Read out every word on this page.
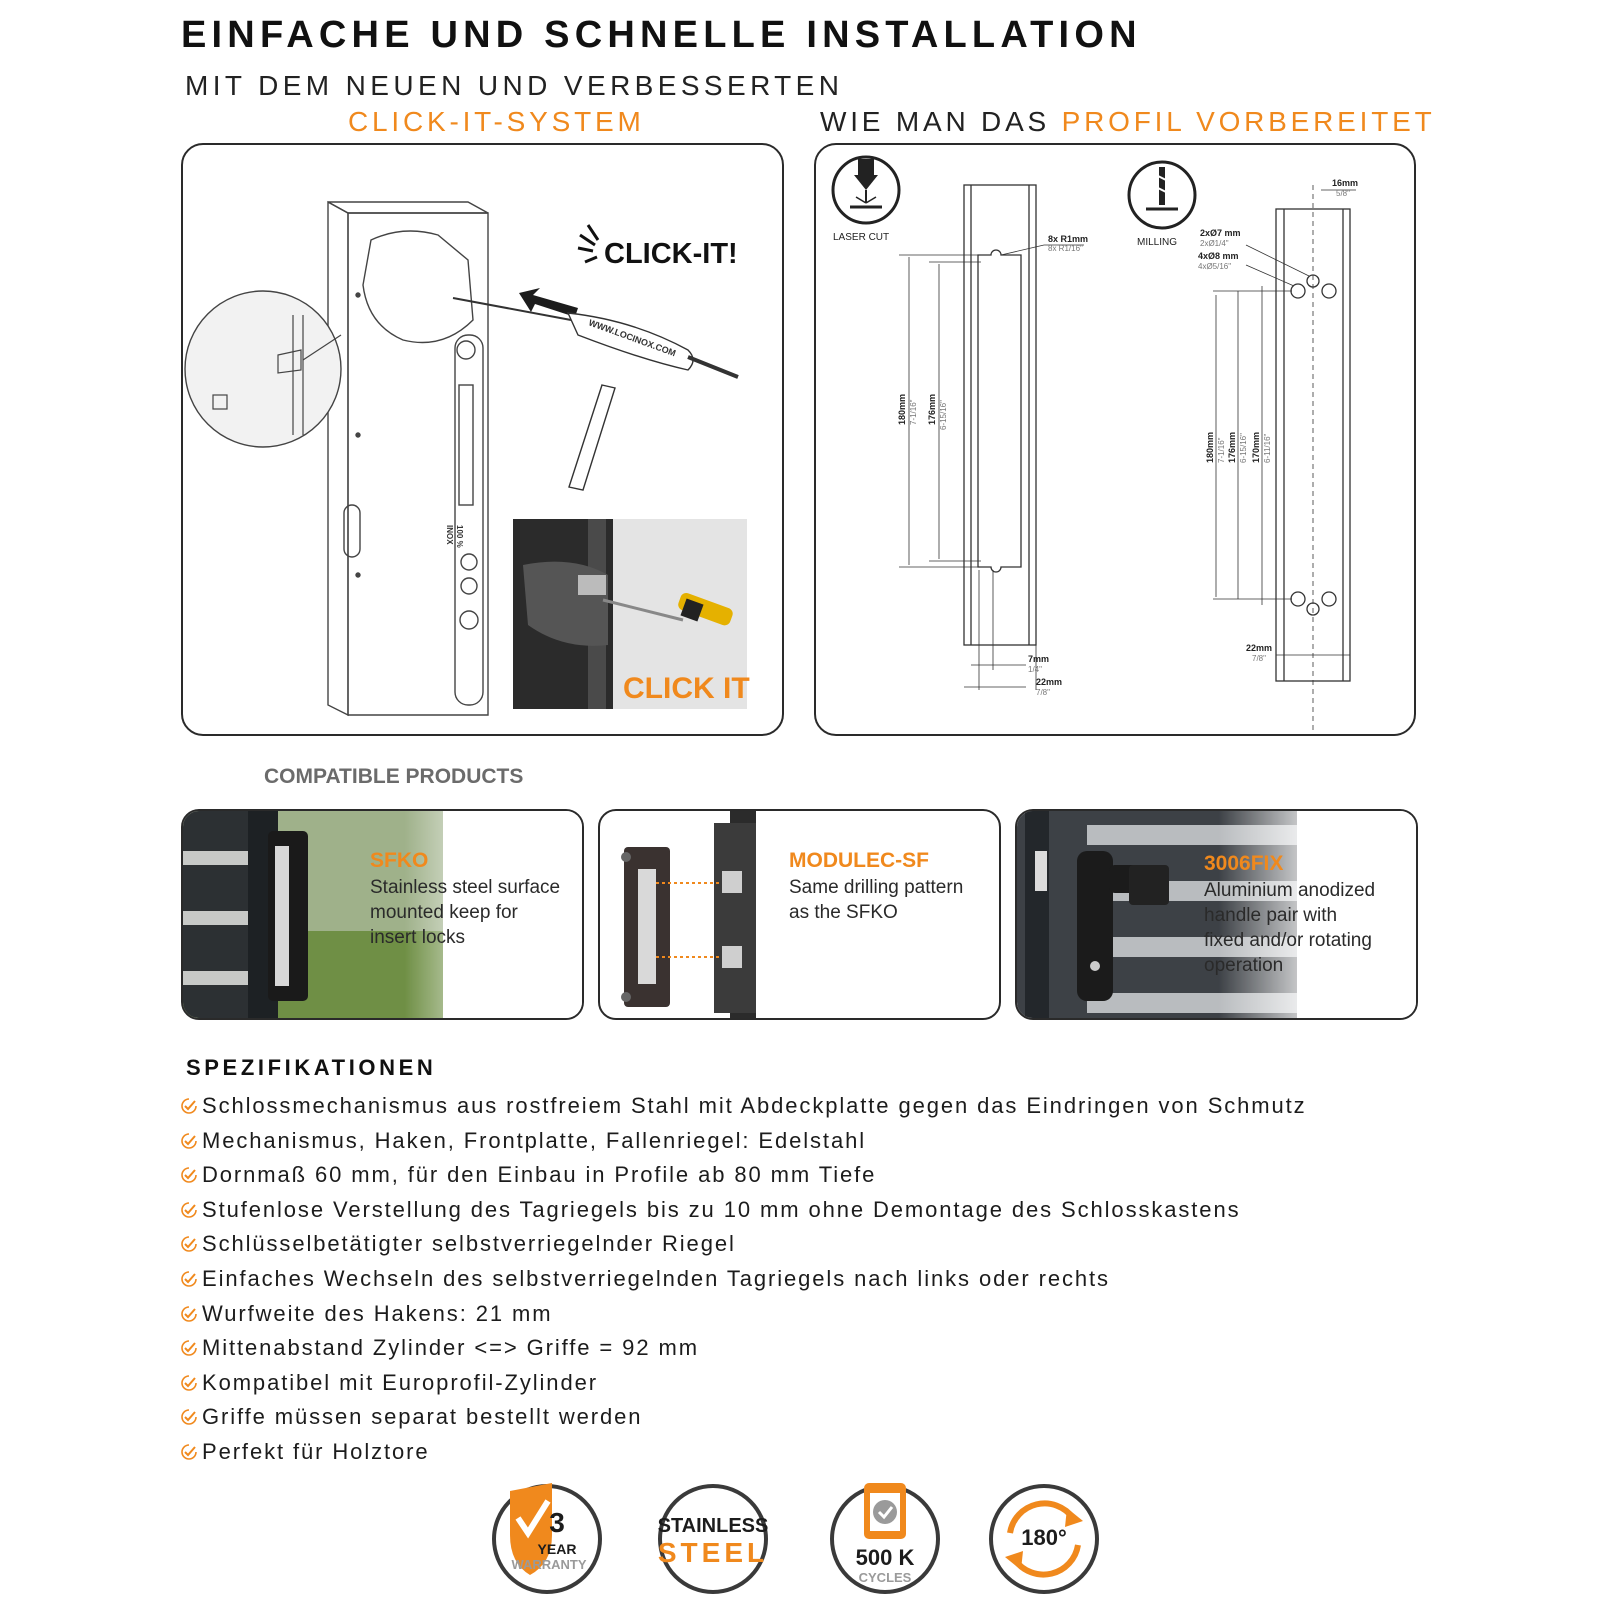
EINFACHE UND SCHNELLE INSTALLATION
MIT DEM NEUEN UND VERBESSERTEN
CLICK-IT-SYSTEM	WIE MAN DAS PROFIL VORBEREITET
100 %
INOX
WWW.LOCINOX.COM
CLICK-IT!
CLICK IT
LASER CUT	8x R1mm
8x R1/16"
180mm 7-1/16" 176mm 6-15/16"
7mm
1/4"
22mm
7/8"
MILLING
16mm
5/8"
2xØ7 mm
2xØ1/4"
4xØ8 mm
4xØ5/16"
180mm 7-1/16" 176mm 6-15/16" 170mm 6-11/16"
22mm
7/8"
COMPATIBLE PRODUCTS
SFKO
Stainless steel surface
mounted keep for
insert locks
MODULEC-SF
Same drilling pattern
as the SFKO
3006FIX
Aluminium anodized
handle pair with
fixed and/or rotating
operation
SPEZIFIKATIONEN
Schlossmechanismus aus rostfreiem Stahl mit Abdeckplatte gegen das Eindringen von Schmutz
Mechanismus, Haken, Frontplatte, Fallenriegel: Edelstahl
Dornmaß 60 mm, für den Einbau in Profile ab 80 mm Tiefe
Stufenlose Verstellung des Tagriegels bis zu 10 mm ohne Demontage des Schlosskastens
Schlüsselbetätigter selbstverriegelnder Riegel
Einfaches Wechseln des selbstverriegelnden Tagriegels nach links oder rechts
Wurfweite des Hakens: 21 mm
Mittenabstand Zylinder <=> Griffe = 92 mm
Kompatibel mit Europrofil-Zylinder
Griffe müssen separat bestellt werden
Perfekt für Holztore
3
YEAR
WARRANTY
STAINLESS
STEEL	500 K
CYCLES
180°
